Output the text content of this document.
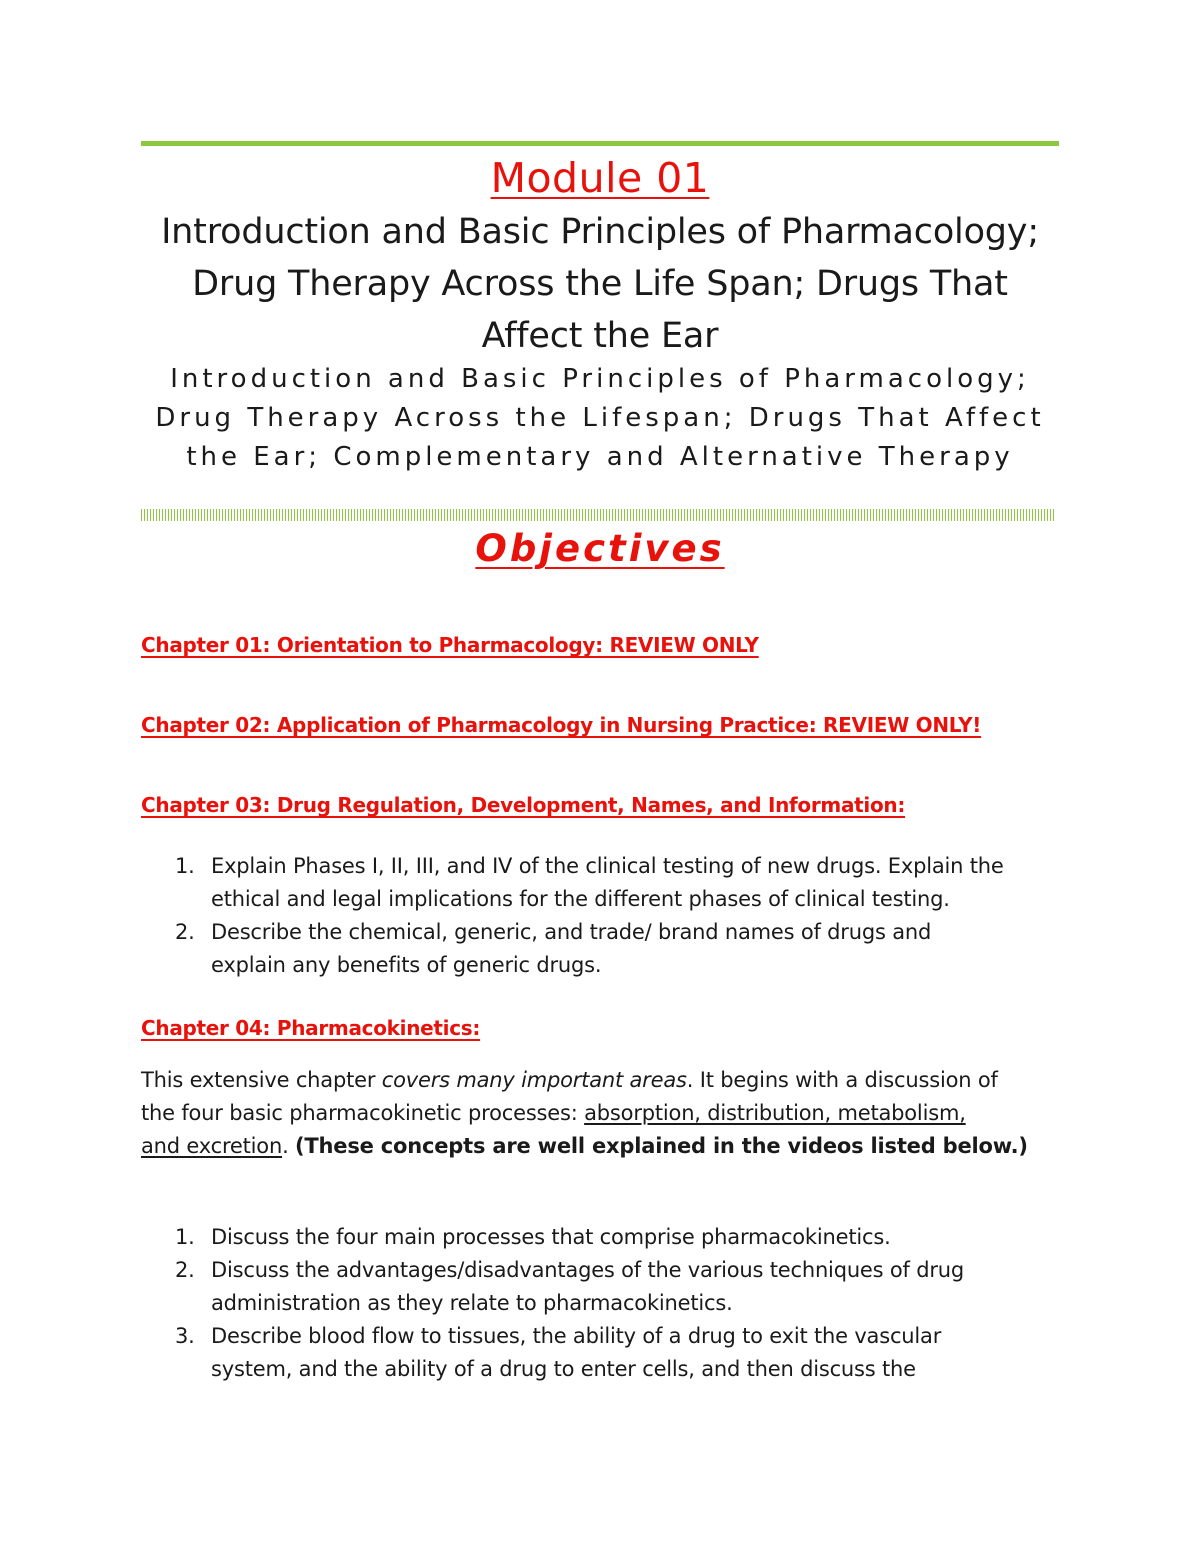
Module 01

Introduction and Basic Principles of Pharmacology;

Drug Therapy Across the Life Span; Drugs That

Affect the Ear

Introduction and Basic Principles of Pharmacology;
Drug Therapy Across the Lifespan; Drugs That Affect
the Ear; Complementary and Alternative Therapy
Objectives

Chapter 01: Orientation to Pharmacology: REVIEW ONLY

Chapter 02: Application of Pharmacology in Nursing Practice: REVIEW ONLY!

Chapter 03: Drug Regulation, Development, Names, and Information:

1. Explain Phases I, II, III, and IV of the clinical testing of new drugs. Explain the
ethical and legal implications for the different phases of clinical testing.
2. Describe the chemical, generic, and trade/ brand names of drugs and
explain any benefits of generic drugs.

Chapter 04: Pharmacokinetics:

This extensive chapter covers many important areas. It begins with a discussion of
the four basic pharmacokinetic processes: absorption, distribution, metabolism,
and excretion. (These concepts are well explained in the videos listed below.)
1. Discuss the four main processes that comprise pharmacokinetics.
2. Discuss the advantages/disadvantages of the various techniques of drug
administration as they relate to pharmacokinetics.
3. Describe blood flow to tissues, the ability of a drug to exit the vascular
system, and the ability of a drug to enter cells, and then discuss the
